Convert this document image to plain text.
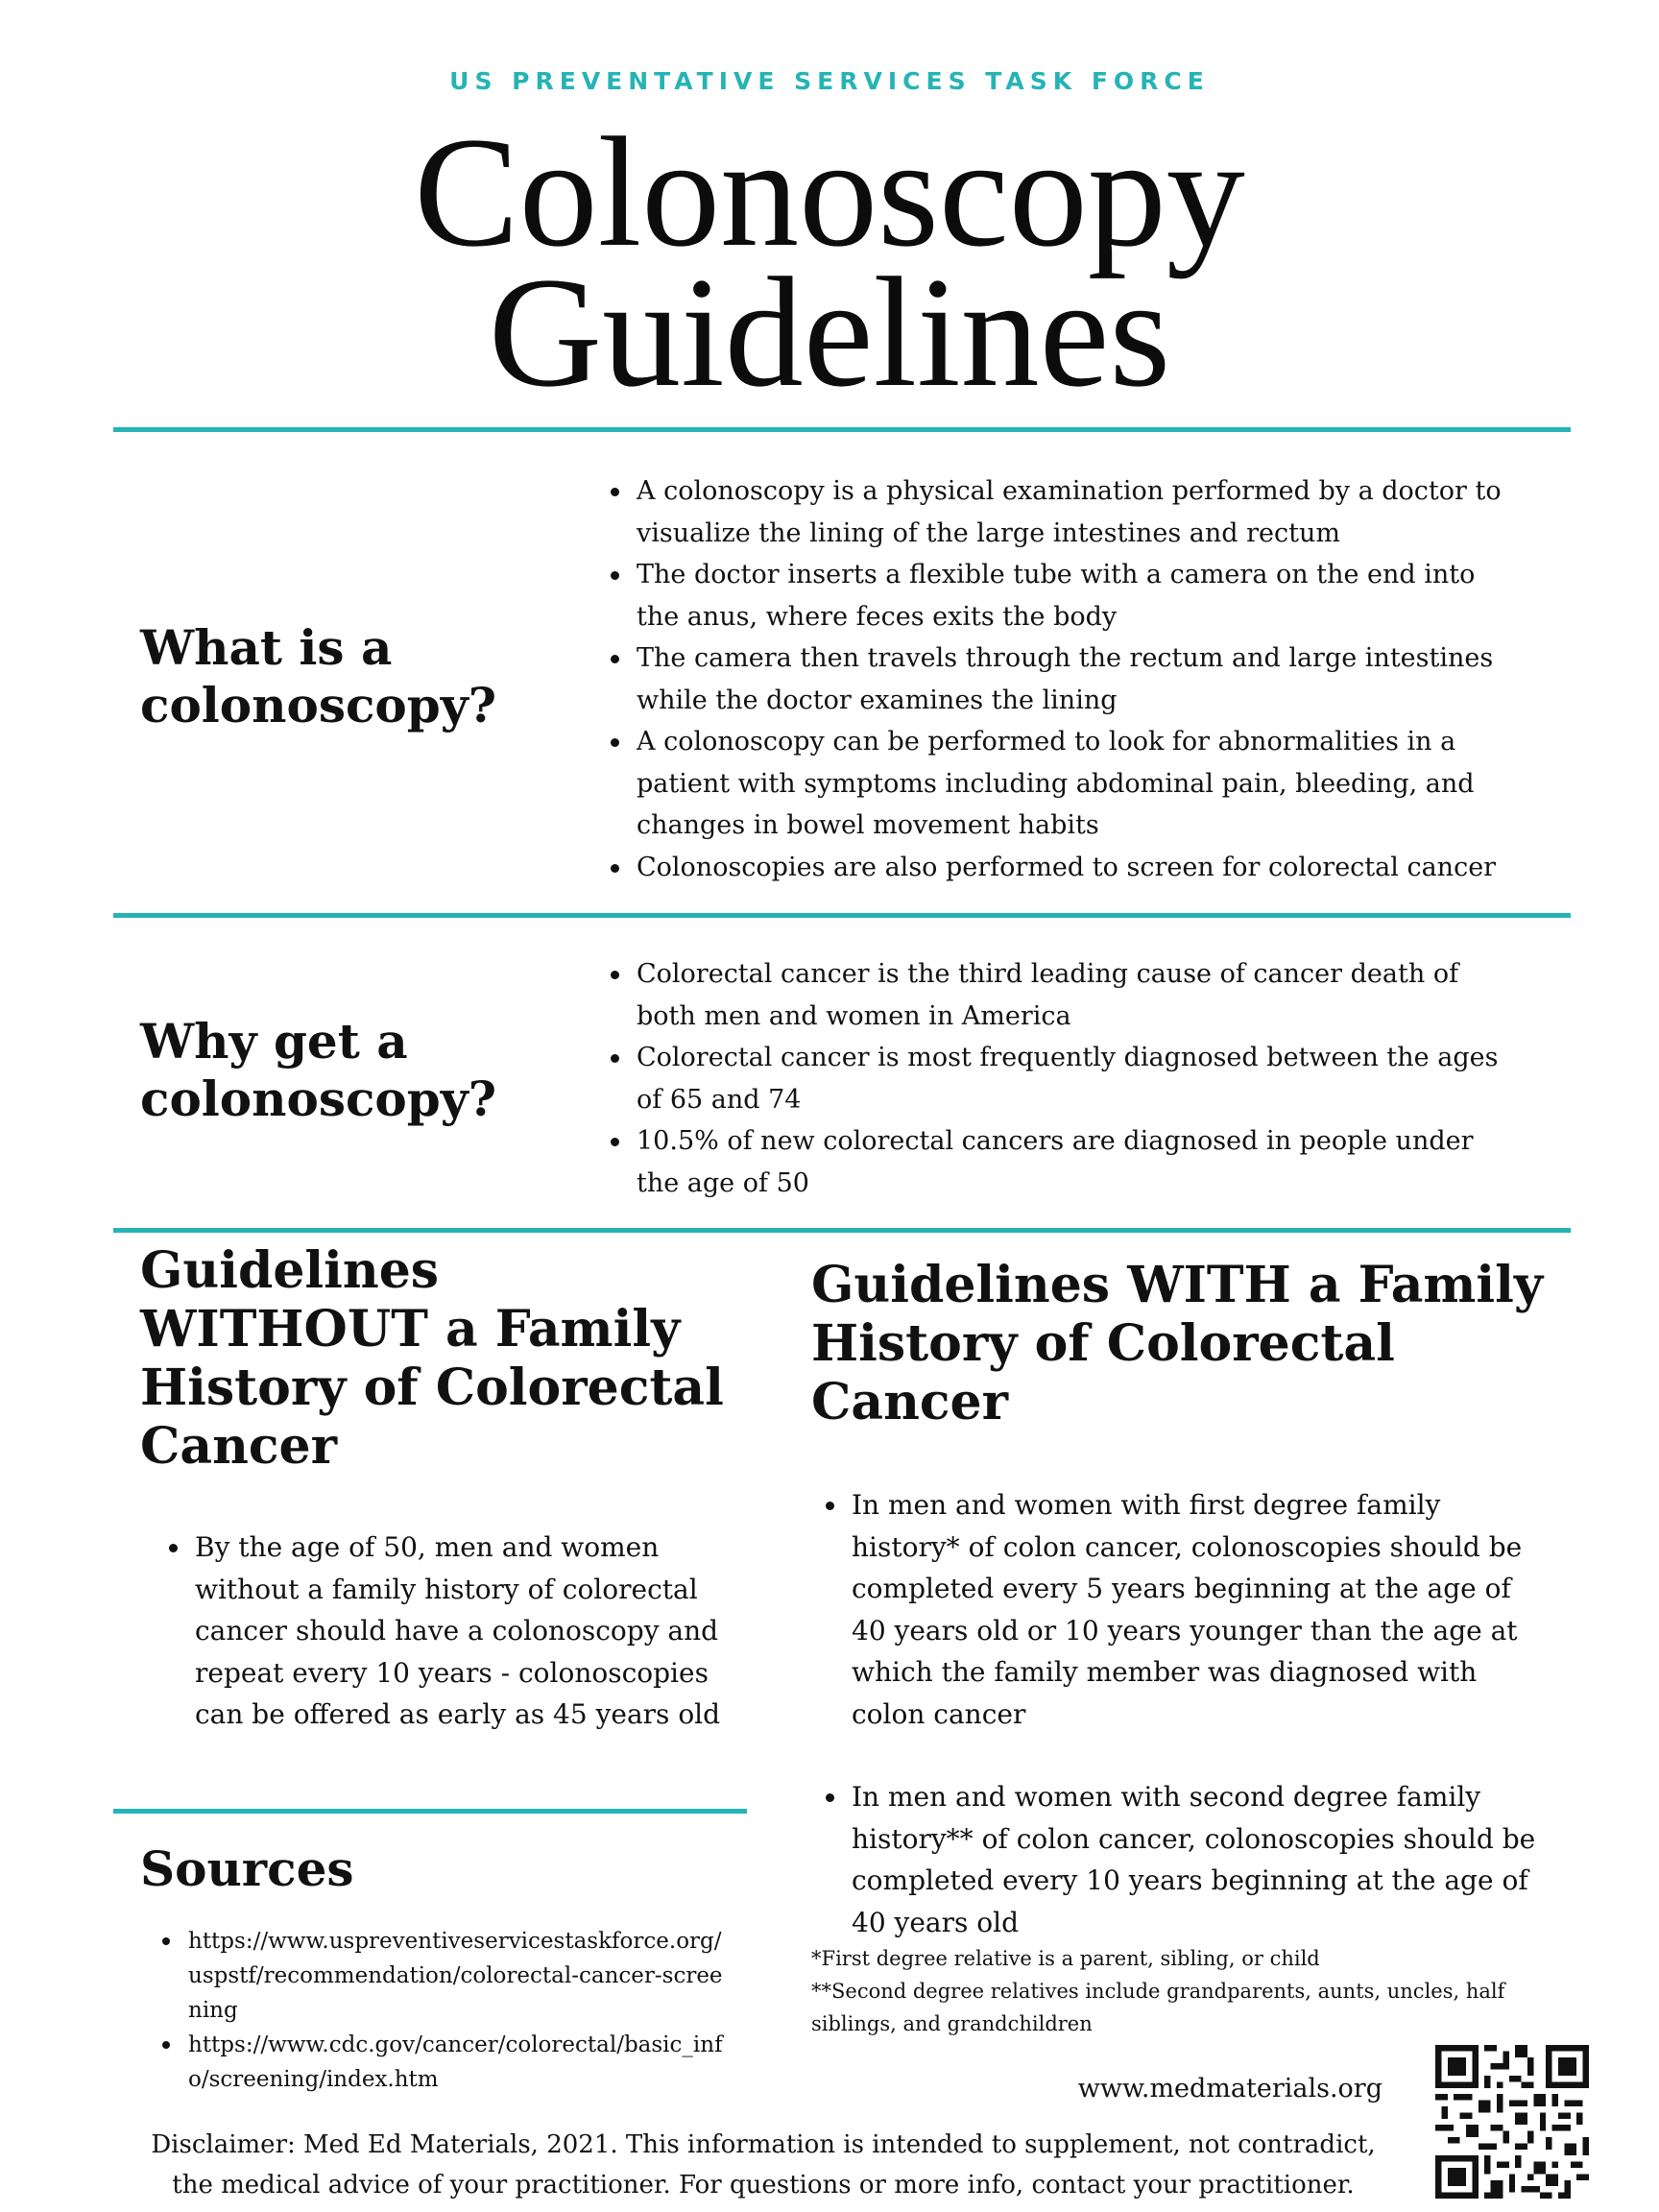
US PREVENTATIVE SERVICES TASK FORCE
Colonoscopy
Guidelines
What is a
colonoscopy?
A colonoscopy is a physical examination performed by a doctor to visualize the lining of the large intestines and rectum
The doctor inserts a flexible tube with a camera on the end into the anus, where feces exits the body
The camera then travels through the rectum and large intestines while the doctor examines the lining
A colonoscopy can be performed to look for abnormalities in a patient with symptoms including abdominal pain, bleeding, and changes in bowel movement habits
Colonoscopies are also performed to screen for colorectal cancer
Why get a
colonoscopy?
Colorectal cancer is the third leading cause of cancer death of both men and women in America
Colorectal cancer is most frequently diagnosed between the ages of 65 and 74
10.5% of new colorectal cancers are diagnosed in people under the age of 50
Guidelines WITHOUT a Family History of Colorectal Cancer
By the age of 50, men and women without a family history of colorectal cancer should have a colonoscopy and repeat every 10 years - colonoscopies can be offered as early as 45 years old
Guidelines WITH a Family History of Colorectal Cancer
In men and women with first degree family history* of colon cancer, colonoscopies should be completed every 5 years beginning at the age of 40 years old or 10 years younger than the age at which the family member was diagnosed with colon cancer
In men and women with second degree family history** of colon cancer, colonoscopies should be completed every 10 years beginning at the age of 40 years old
*First degree relative is a parent, sibling, or child
**Second degree relatives include grandparents, aunts, uncles, half siblings, and grandchildren
Sources
https://www.uspreventiveservicestaskforce.org/ uspstf/recommendation/colorectal-cancer-screening
https://www.cdc.gov/cancer/colorectal/basic_info/screening/index.htm	www.medmaterials.org
Disclaimer: Med Ed Materials, 2021. This information is intended to supplement, not contradict,
the medical advice of your practitioner. For questions or more info, contact your practitioner.
